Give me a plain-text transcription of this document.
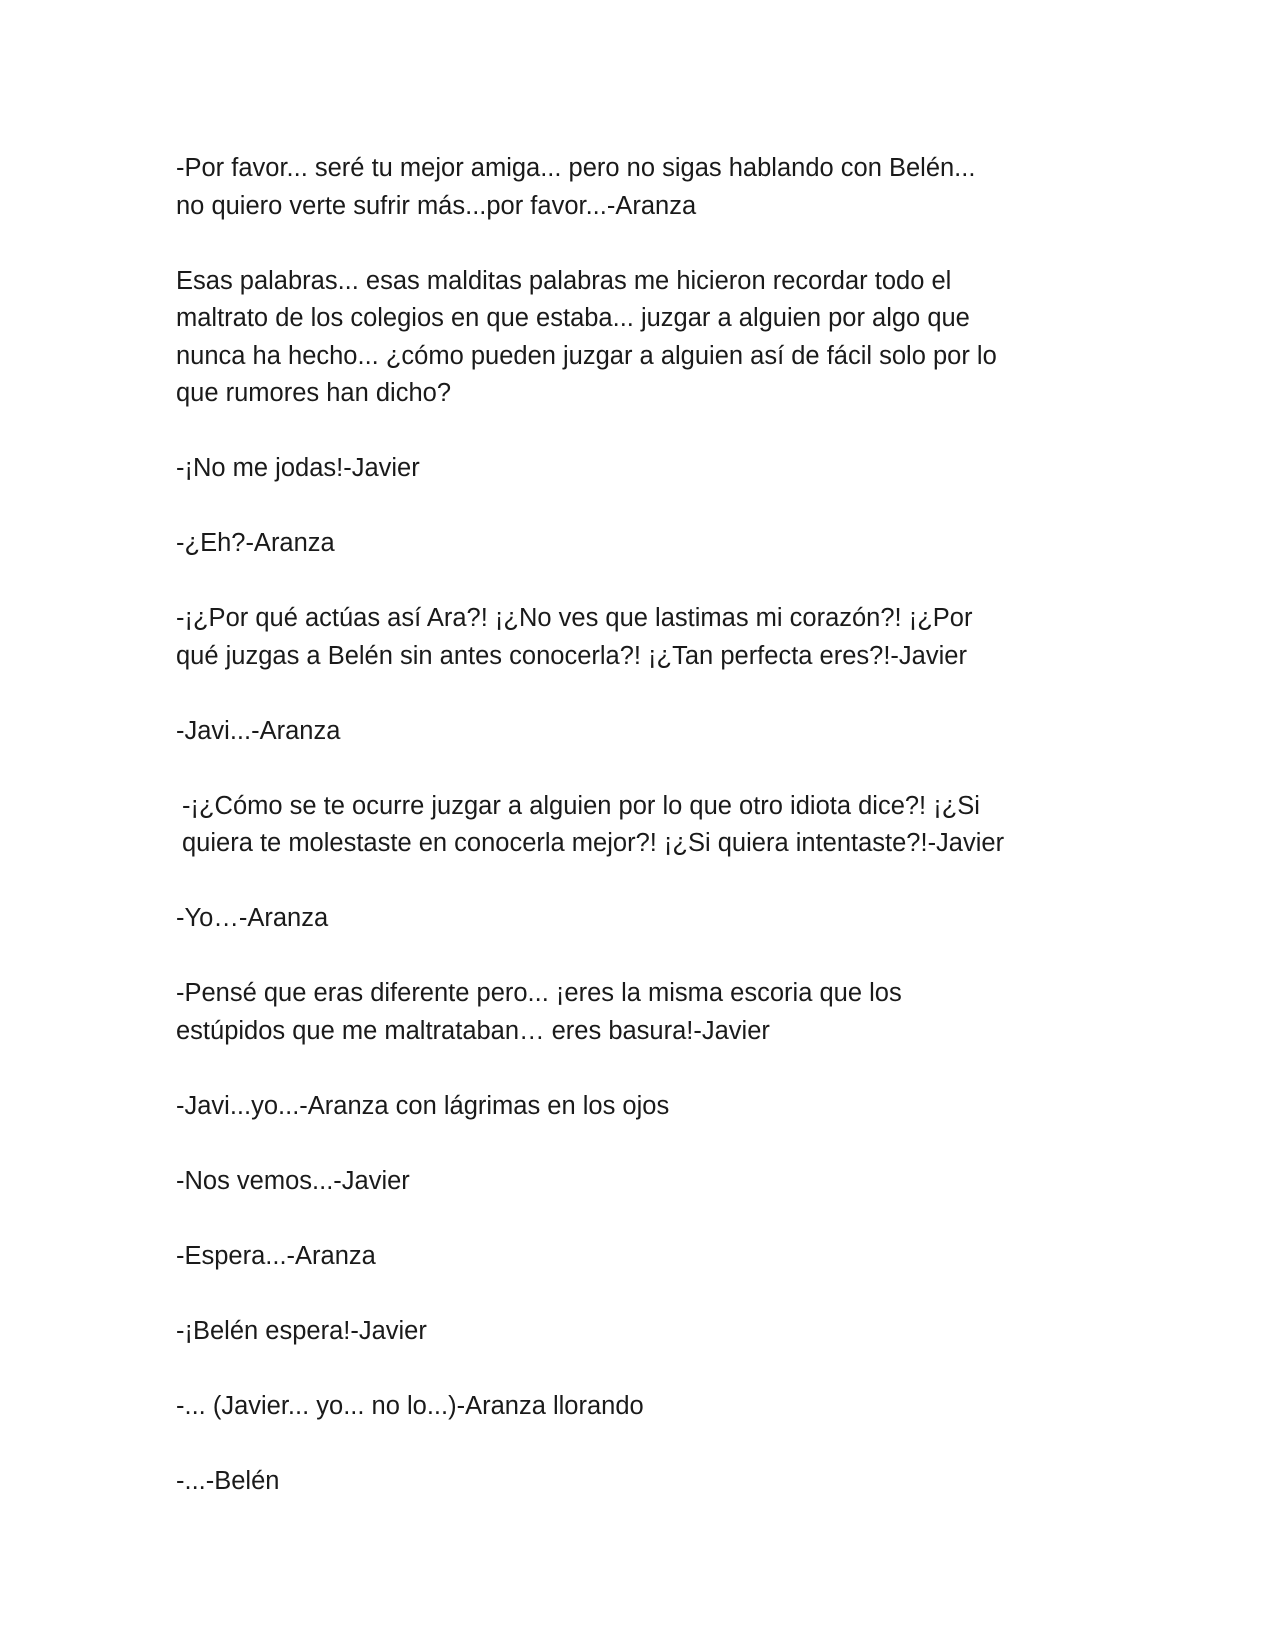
-Por favor... seré tu mejor amiga... pero no sigas hablando con Belén...
no quiero verte sufrir más...por favor...-Aranza

Esas palabras... esas malditas palabras me hicieron recordar todo el
maltrato de los colegios en que estaba... juzgar a alguien por algo que
nunca ha hecho... ¿cómo pueden juzgar a alguien así de fácil solo por lo
que rumores han dicho?

-¡No me jodas!-Javier

-¿Eh?-Aranza

-¡¿Por qué actúas así Ara?! ¡¿No ves que lastimas mi corazón?! ¡¿Por
qué juzgas a Belén sin antes conocerla?! ¡¿Tan perfecta eres?!-Javier

-Javi...-Aranza

-¡¿Cómo se te ocurre juzgar a alguien por lo que otro idiota dice?! ¡¿Si
quiera te molestaste en conocerla mejor?! ¡¿Si quiera intentaste?!-Javier

-Yo…-Aranza

-Pensé que eras diferente pero... ¡eres la misma escoria que los
estúpidos que me maltrataban… eres basura!-Javier

-Javi...yo...-Aranza con lágrimas en los ojos

-Nos vemos...-Javier

-Espera...-Aranza

-¡Belén espera!-Javier

-... (Javier... yo... no lo...)-Aranza llorando

-...-Belén
